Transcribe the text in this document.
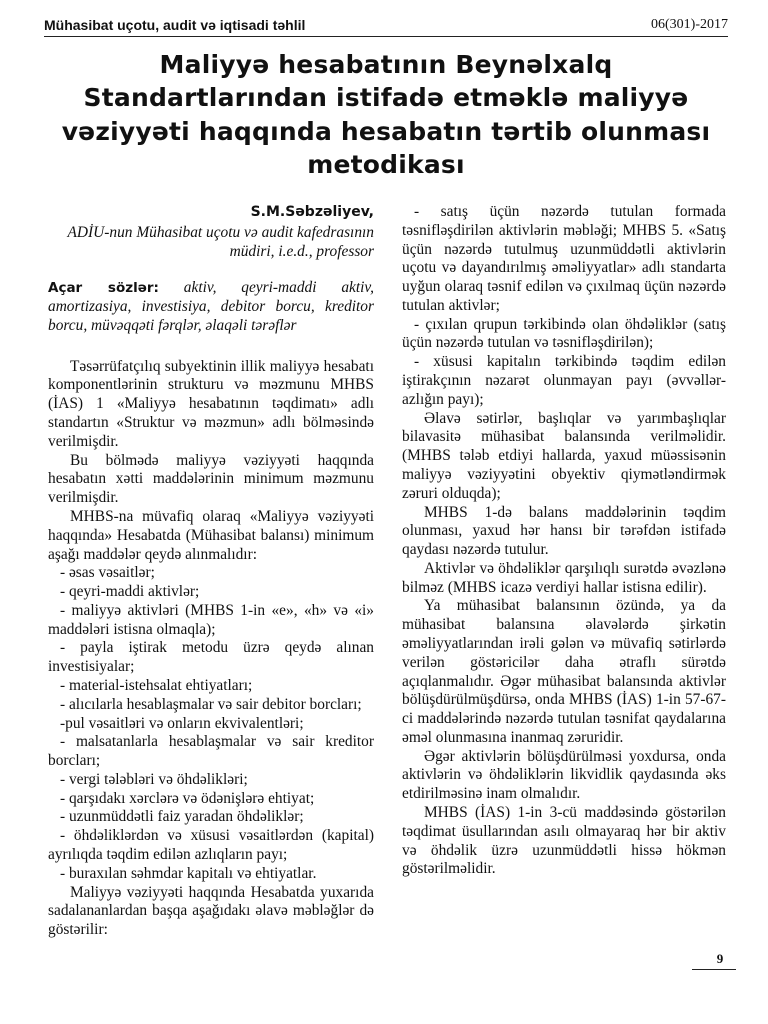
Mühasibat uçotu, audit və iqtisadi təhlil	06(301)-2017
Maliyyə hesabatının Beynəlxalq Standartlarından istifadə etməklə maliyyə vəziyyəti haqqında hesabatın tərtib olunması metodikası

S.M.Səbzəliyev,

ADİU-nun Mühasibat uçotu və audit kafedrasının müdiri, i.e.d., professor

Açar sözlər: aktiv, qeyri-maddi aktiv, amortizasiya, investisiya, debitor borcu, kreditor borcu, müvəqqəti fərqlər, əlaqəli tərəflər

Təsərrüfatçılıq subyektinin illik maliyyə hesabatı komponentlərinin strukturu və məzmunu MHBS (İAS) 1 «Maliyyə hesabatının təqdimatı» adlı standartın «Struktur və məzmun» adlı bölməsində verilmişdir.

Bu bölmədə maliyyə vəziyyəti haqqında hesabatın xətti maddələrinin minimum məzmunu verilmişdir.

MHBS-na müvafiq olaraq «Maliyyə vəziyyəti haqqında» Hesabatda (Mühasibat balansı) minimum aşağı maddələr qeydə alınmalıdır:

- əsas vəsaitlər;

- qeyri-maddi aktivlər;

- maliyyə aktivləri (MHBS 1-in «e», «h» və «i» maddələri istisna olmaqla);

- payla iştirak metodu üzrə qeydə alınan investisiyalar;

- material-istehsalat ehtiyatları;

- alıcılarla hesablaşmalar və sair debitor borcları;

-pul vəsaitləri və onların ekvivalentləri;

- malsatanlarla hesablaşmalar və sair kreditor borcları;

- vergi tələbləri və öhdəlikləri;

- qarşıdakı xərclərə və ödənişlərə ehtiyat;

- uzunmüddətli faiz yaradan öhdəliklər;

- öhdəliklərdən və xüsusi vəsaitlərdən (kapital) ayrılıqda təqdim edilən azlıqların payı;

- buraxılan səhmdar kapitalı və ehtiyatlar.

Maliyyə vəziyyəti haqqında Hesabatda yuxarıda sadalananlardan başqa aşağıdakı əlavə məbləğlər də göstərilir:

- satış üçün nəzərdə tutulan formada təsnifləşdirilən aktivlərin məbləği; MHBS 5. «Satış üçün nəzərdə tutulmuş uzunmüddətli aktivlərin uçotu və dayandırılmış əməliyyatlar» adlı standarta uyğun olaraq təsnif edilən və çıxılmaq üçün nəzərdə tutulan aktivlər;

- çıxılan qrupun tərkibində olan öhdəliklər (satış üçün nəzərdə tutulan və təsnifləşdirilən);

- xüsusi kapitalın tərkibində təqdim edilən iştirakçının nəzarət olunmayan payı (əvvəllər-azlığın payı);

Əlavə sətirlər, başlıqlar və yarımbaşlıqlar bilavasitə mühasibat balansında verilməlidir. (MHBS tələb etdiyi hallarda, yaxud müəssisənin maliyyə vəziyyətini obyektiv qiymətləndirmək zəruri olduqda);

MHBS 1-də balans maddələrinin təqdim olunması, yaxud hər hansı bir tərəfdən istifadə qaydası nəzərdə tutulur.

Aktivlər və öhdəliklər qarşılıqlı surətdə əvəzlənə bilməz (MHBS icazə verdiyi hallar istisna edilir).

Ya mühasibat balansının özündə, ya da mühasibat balansına əlavələrdə şirkətin əməliyyatlarından irəli gələn və müvafiq sətirlərdə verilən göstəricilər daha ətraflı sürətdə açıqlanmalıdır. Əgər mühasibat balansında aktivlər bölüşdürülmüşdürsə, onda MHBS (İAS) 1-in 57-67-ci maddələrində nəzərdə tutulan təsnifat qaydalarına əməl olunmasına inanmaq zəruridir.

Əgər aktivlərin bölüşdürülməsi yoxdursa, onda aktivlərin və öhdəliklərin likvidlik qaydasında əks etdirilməsinə inam olmalıdır.

MHBS (İAS) 1-in 3-cü maddəsində göstərilən təqdimat üsullarından asılı olmayaraq hər bir aktiv və öhdəlik üzrə uzunmüddətli hissə hökmən göstərilməlidir.

9
